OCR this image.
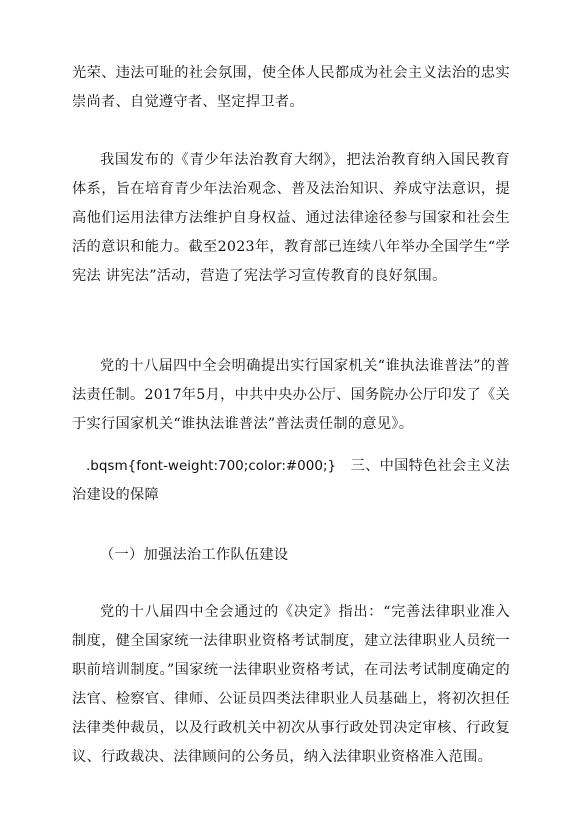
光荣、违法可耻的社会氛围，使全体人民都成为社会主义法治的忠实崇尚者、自觉遵守者、坚定捍卫者。

我国发布的《青少年法治教育大纲》，把法治教育纳入国民教育体系，旨在培育青少年法治观念、普及法治知识、养成守法意识，提高他们运用法律方法维护自身权益、通过法律途径参与国家和社会生活的意识和能力。截至2023年，教育部已连续八年举办全国学生“学宪法 讲宪法”活动，营造了宪法学习宣传教育的良好氛围。

党的十八届四中全会明确提出实行国家机关“谁执法谁普法”的普法责任制。2017年5月，中共中央办公厅、国务院办公厅印发了《关于实行国家机关“谁执法谁普法”普法责任制的意见》。

.bqsm{font-weight:700;color:#000;}　三、中国特色社会主义法治建设的保障

（一）加强法治工作队伍建设

党的十八届四中全会通过的《决定》指出：“完善法律职业准入制度，健全国家统一法律职业资格考试制度，建立法律职业人员统一职前培训制度。”国家统一法律职业资格考试，在司法考试制度确定的法官、检察官、律师、公证员四类法律职业人员基础上，将初次担任法律类仲裁员，以及行政机关中初次从事行政处罚决定审核、行政复议、行政裁决、法律顾问的公务员，纳入法律职业资格准入范围。
